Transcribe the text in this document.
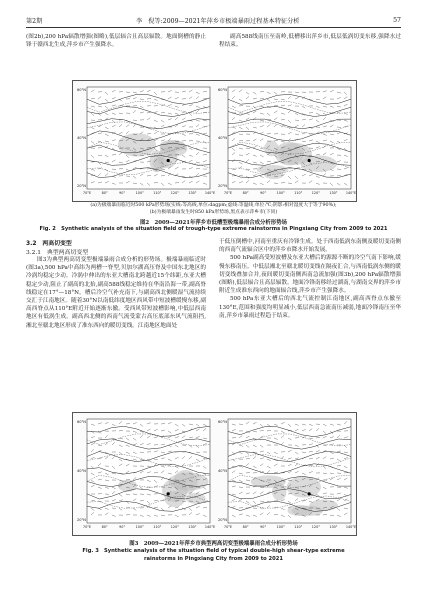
第2期	李　倪等:2009—2021年萍乡市极端暴雨过程基本特征分析	57

(图2b),200 hPa辐散增强(图略),低层辐合且高层辐散。地面倒槽的静止锋于赣西北生成,萍乡市产生强降水。

副高588线南压至南岭,低槽移出萍乡市,低层低涡切变东移,强降水过程结束。

60°N
40°N
20°N
70°E	80°	90°	100°	110°	120°	130° 140°E
60°N
40°N
20°N
70°E	80°	90°	100°	110°	120°	130° 140°E
(a)为极端暴雨临近时500 kPa形势场(实线:等高线,单位:dagpm;虚线:等温线,单位:℃;阴影:相对湿度大于等于90%);
(b)为极端暴雨发生时850 kPa形势场,黑点表示萍乡市(下同)
图2　2009—2021年萍乡市低槽型极端暴雨合成分析形势场
Fig. 2　Synthetic analysis of the situation field of trough-type extreme rainstorms in Pingxiang City from 2009 to 2021
3.2　两高切变型
3.2.1　典型两高切变型

图3为典型两高切变型极端暴雨合成分析的形势场。极端暴雨临近时(图3a),500 hPa中高纬为两槽一脊型,贝加尔湖高压脊及中国东北地区的冷涡均稳定少动。冷涡中伸出的东亚大槽南北跨越近15个纬距,东亚大槽稳定少动,阻止了副高的北抬,副高588线稳定维持在华南沿海一带,副高脊线稳定在17°—18°N。槽后冷空气补充南下,与副高西北侧暖湿气流持续交汇于江南地区。随着30°N以南低纬度地区西风带中短波槽缓慢东移,副高西脊点从110°E附近开始逐渐东撤。受西风带短波槽影响,中低层西南地区有低涡生成。副高西北侧的西南气流受蒙古高压底部东风气流阻挡,湘北至赣北地区形成了准东西向的暖切变线。江南地区地面处

于低压倒槽中,河南至重庆有冷锋生成。处于西南低涡东南侧及暖切变南侧的西南气流辐合区中的萍乡市降水开始发展。

500 hPa副高受短波槽及东亚大槽后的源源不断的冷空气南下影响,缓慢东移南压。中低层湘北至赣北暖切变线在隔夜汇合,与西南低涡东侧的暖切变线叠加合并,夜间暖切变南侧西南急流加强(图3b),200 hPa辐散增强(图略),低层辐合且高层辐散。地面冷锋南移经过湖南,与湖南交界的萍乡市附近生成准东西向的地面辐合线,萍乡市产生强降水。

500 hPa东亚大槽后的西北气流控制江南地区,副高西脊点东撤至130°E,范围和强度均明显减小,低层西南急流南压减弱,地面冷锋南压至华南,萍乡市暴雨过程趋于结束。

60°N
40°N
20°N
70°E	80°	90°	100°	110°	120°	130° 140°E
60°N
40°N
20°N
70°E	80°	90°	100°	110°	120°	130° 140°E
图3　2009—2021年萍乡市典型两高切变型极端暴雨合成分析形势场
Fig. 3　Synthetic analysis of the situation field of typical double-high shear-type extreme
rainstorms in Pingxiang City from 2009 to 2021
